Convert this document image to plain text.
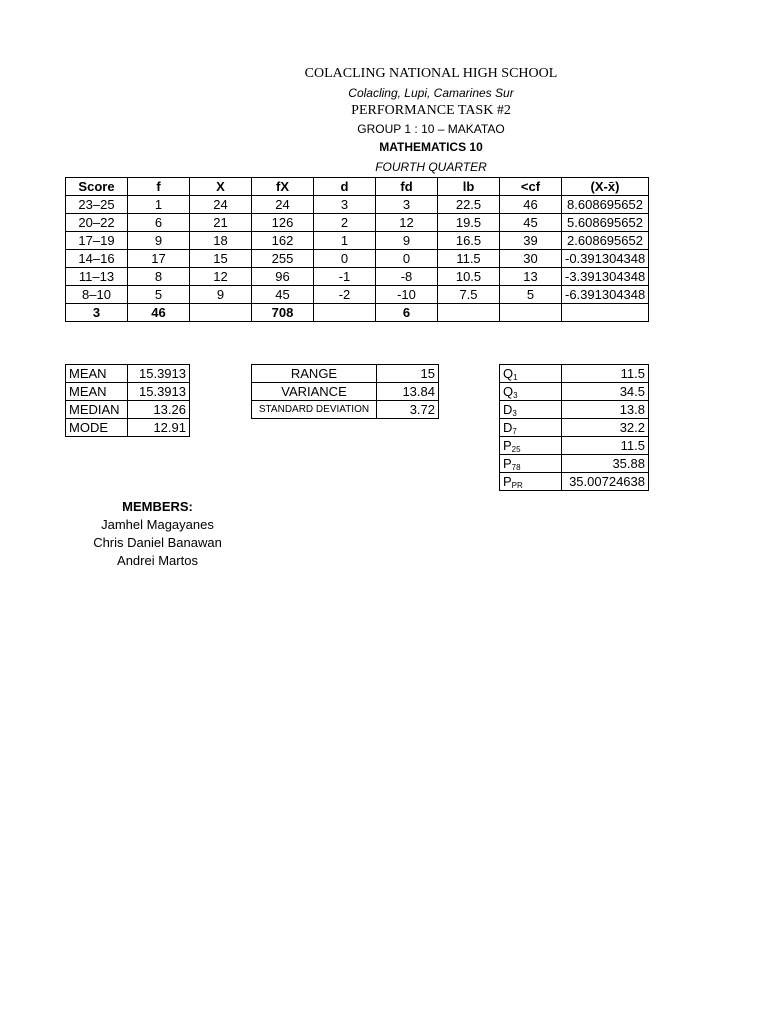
COLACLING NATIONAL HIGH SCHOOL
Colacling, Lupi, Camarines Sur
PERFORMANCE TASK #2
GROUP 1 : 10 – MAKATAO
MATHEMATICS 10
FOURTH QUARTER
Score	f	X	fX	d	fd	lb	<cf	(X-x̄)
23–25	1	24	24	3	3	22.5	46	8.608695652
20–22	6	21	126	2	12	19.5	45	5.608695652
17–19	9	18	162	1	9	16.5	39	2.608695652
14–16	17	15	255	0	0	11.5	30	-0.391304348
11–13	8	12	96	-1	-8	10.5	13	-3.391304348
8–10	5	9	45	-2	-10	7.5	5	-6.391304348
3	46		708		6			
MEAN	15.3913
MEAN	15.3913
MEDIAN	13.26
MODE	12.91
RANGE	15
VARIANCE	13.84
STANDARD DEVIATION	3.72
$Q_1$	11.5
$Q_3$	34.5
$D_3$	13.8
$D_7$	32.2
$P_{25}$	11.5
$P_{78}$	35.88
$P_{PR}$	35.00724638
MEMBERS:
Jamhel Magayanes
Chris Daniel Banawan
Andrei Martos
